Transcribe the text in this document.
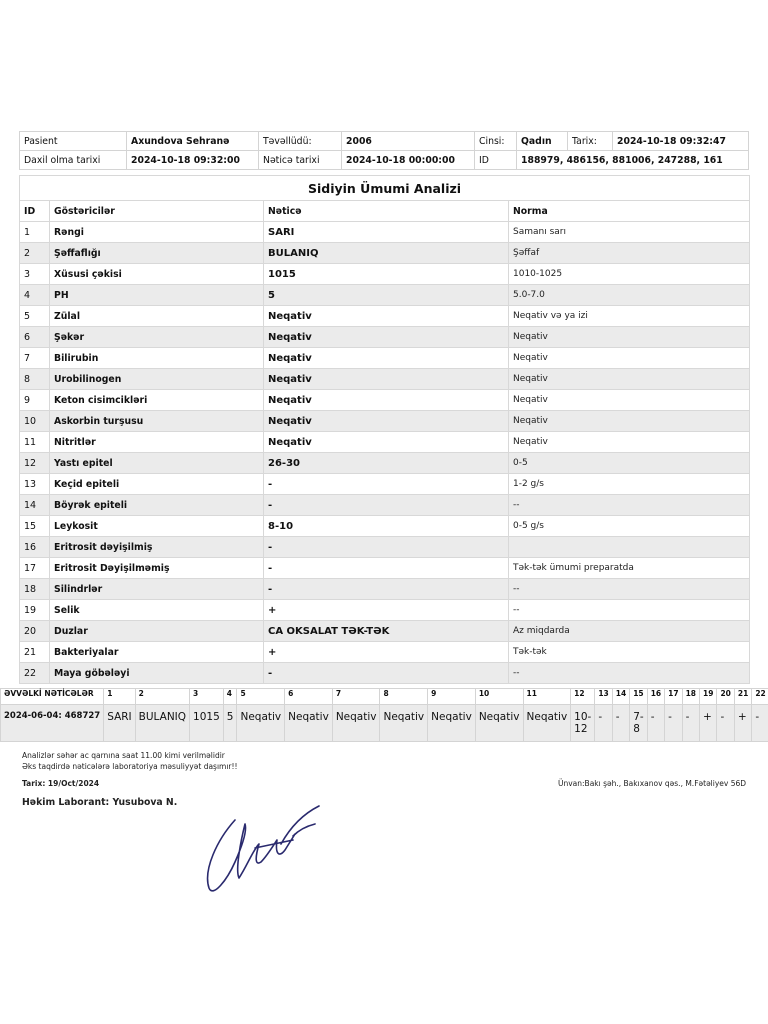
Pasient	Axundova Sehranə	Təvəllüdü:	2006	Cinsi:	Qadın	Tarix:	2024-10-18 09:32:47
Daxil olma tarixi	2024-10-18 09:32:00	Nəticə tarixi	2024-10-18 00:00:00	ID	188979, 486156, 881006, 247288, 161		
Sidiyin Ümumi Analizi			
ID	Göstəricilər	Nəticə	Norma
1	Rəngi	SARI	Samanı sarı
2	Şəffaflığı	BULANIQ	Şəffaf
3	Xüsusi çəkisi	1015	1010-1025
4	PH	5	5.0-7.0
5	Zülal	Neqativ	Neqativ və ya izi
6	Şəkər	Neqativ	Neqativ
7	Bilirubin	Neqativ	Neqativ
8	Urobilinogen	Neqativ	Neqativ
9	Keton cisimcikləri	Neqativ	Neqativ
10	Askorbin turşusu	Neqativ	Neqativ
11	Nitritlər	Neqativ	Neqativ
12	Yastı epitel	26-30	0-5
13	Keçid epiteli	-	1-2 g/s
14	Böyrək epiteli	-	--
15	Leykosit	8-10	0-5 g/s
16	Eritrosit dəyişilmiş	-	
17	Eritrosit Dəyişilməmiş	-	Tək-tək ümumi preparatda
18	Silindrlər	-	--
19	Selik	+	--
20	Duzlar	CA OKSALAT TƏK-TƏK	Az miqdarda
21	Bakteriyalar	+	Tək-tək
22	Maya göbələyi	-	--
ƏVVƏLKİ NƏTİCƏLƏR	1	2	3	4	5	6	7	8	9	10	11	12	13	14	15	16	17	18	19	20	21	22
2024-06-04: 468727	SARI	BULANIQ	1015	5	Neqativ	Neqativ	Neqativ	Neqativ	Neqativ	Neqativ	Neqativ	10-12	-	-	7-8	-	-	-	+	-	+	-
Analizlər səhər ac qarnına saat 11.00 kimi verilməlidir
Əks taqdirdə nəticələrə laboratoriya məsuliyyət daşımır!!
Tarix: 19/Oct/2024	Ünvan:Bakı şəh., Bakıxanov qəs., M.Fətəliyev 56D
Həkim Laborant: Yusubova N.
